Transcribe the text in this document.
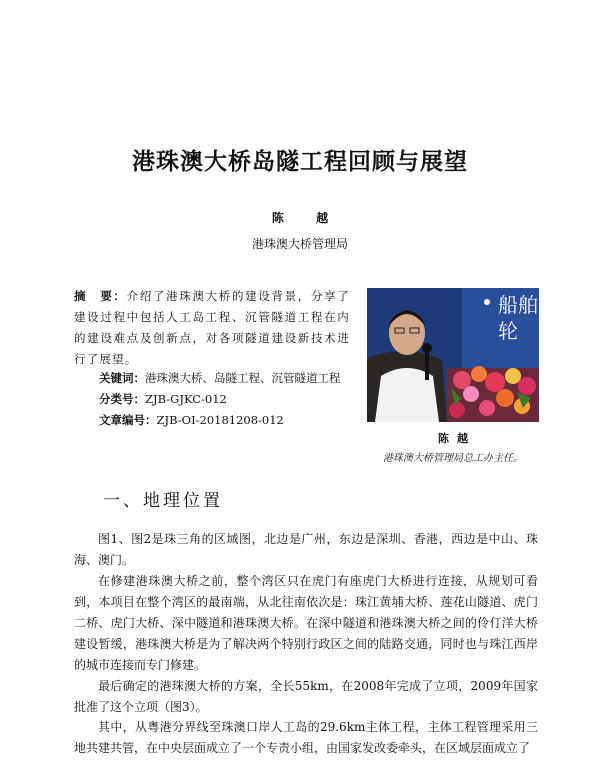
港珠澳大桥岛隧工程回顾与展望
陈 越
港珠澳大桥管理局
摘　要：介绍了港珠澳大桥的建设背景，分享了建设过程中包括人工岛工程、沉管隧道工程在内的建设难点及创新点，对各项隧道建设新技术进行了展望。
关键词：港珠澳大桥、岛隧工程、沉管隧道工程
分类号：ZJB-GJKC-012
文章编号：ZJB-OI-20181208-012
船舶
轮
陈越
港珠澳大桥管理局总工办主任。
一、地理位置

图1、图2是珠三角的区域图，北边是广州，东边是深圳、香港，西边是中山、珠海、澳门。

在修建港珠澳大桥之前，整个湾区只在虎门有座虎门大桥进行连接，从规划可看到，本项目在整个湾区的最南端，从北往南依次是：珠江黄埔大桥、莲花山隧道、虎门二桥、虎门大桥、深中隧道和港珠澳大桥。在深中隧道和港珠澳大桥之间的伶仃洋大桥建设暂缓，港珠澳大桥是为了解决两个特别行政区之间的陆路交通，同时也与珠江西岸的城市连接而专门修建。

最后确定的港珠澳大桥的方案，全长55km，在2008年完成了立项，2009年国家批准了这个立项（图3）。

其中，从粤港分界线至珠澳口岸人工岛的29.6km主体工程，主体工程管理采用三地共建共管，在中央层面成立了一个专责小组，由国家发改委牵头，在区域层面成立了
